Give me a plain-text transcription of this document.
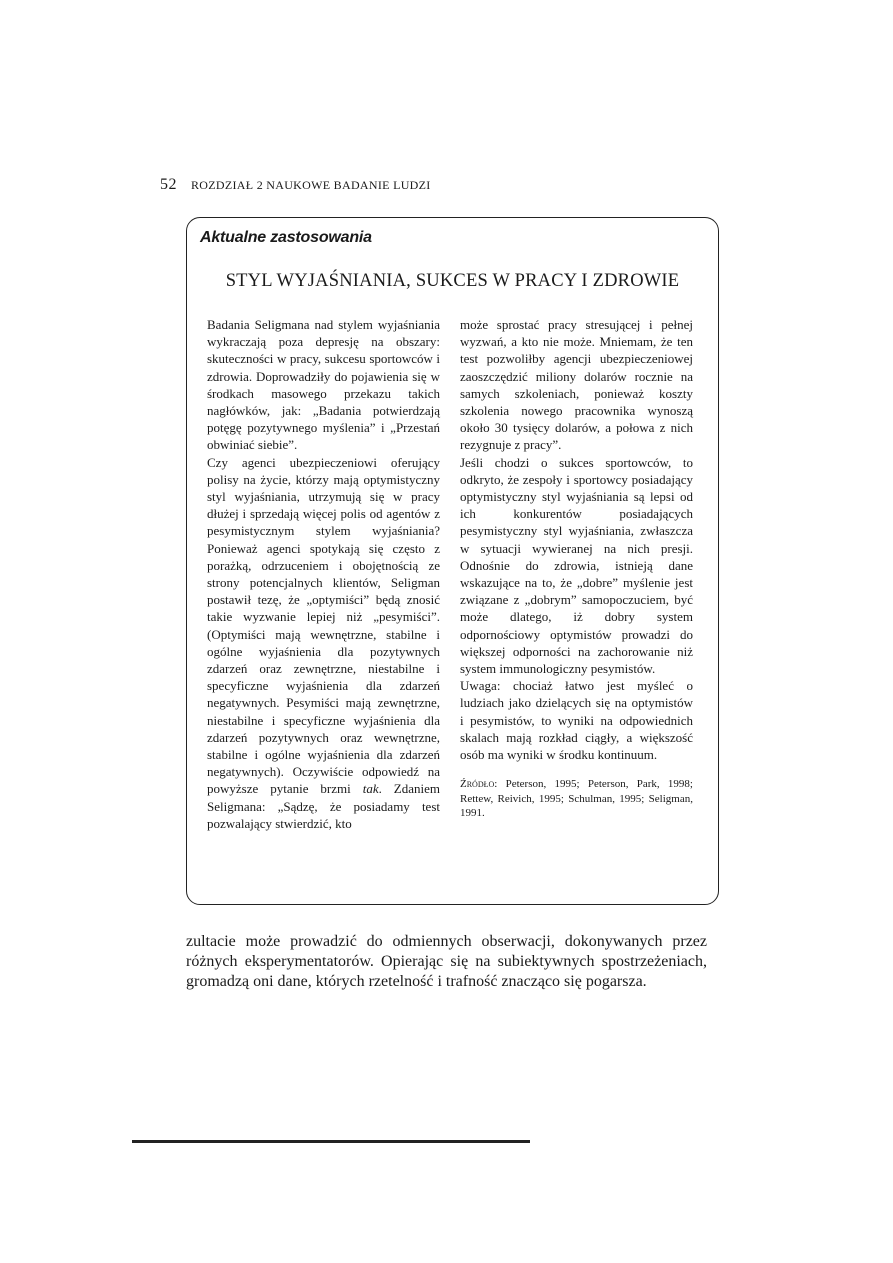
52 ROZDZIAŁ 2 NAUKOWE BADANIE LUDZI
Aktualne zastosowania
STYL WYJAŚNIANIA, SUKCES W PRACY I ZDROWIE

Badania Seligmana nad stylem wyjaśniania wykraczają poza depresję na obszary: skuteczności w pracy, sukcesu sportowców i zdrowia. Doprowadziły do pojawienia się w środkach masowego przekazu takich nagłówków, jak: „Badania potwierdzają potęgę pozytywnego myślenia” i „Przestań obwiniać siebie”.

Czy agenci ubezpieczeniowi oferujący polisy na życie, którzy mają optymistyczny styl wyjaśniania, utrzymują się w pracy dłużej i sprzedają więcej polis od agentów z pesymistycznym stylem wyjaśniania? Ponieważ agenci spotykają się często z porażką, odrzuceniem i obojętnością ze strony potencjalnych klientów, Seligman postawił tezę, że „optymiści” będą znosić takie wyzwanie lepiej niż „pesymiści”. (Optymiści mają wewnętrzne, stabilne i ogólne wyjaśnienia dla pozytywnych zdarzeń oraz zewnętrzne, niestabilne i specyficzne wyjaśnienia dla zdarzeń negatywnych. Pesymiści mają zewnętrzne, niestabilne i specyficzne wyjaśnienia dla zdarzeń pozytywnych oraz wewnętrzne, stabilne i ogólne wyjaśnienia dla zdarzeń negatywnych). Oczywiście odpowiedź na powyższe pytanie brzmi tak. Zdaniem Seligmana: „Sądzę, że posiadamy test pozwalający stwierdzić, kto

może sprostać pracy stresującej i pełnej wyzwań, a kto nie może. Mniemam, że ten test pozwoliłby agencji ubezpieczeniowej zaoszczędzić miliony dolarów rocznie na samych szkoleniach, ponieważ koszty szkolenia nowego pracownika wynoszą około 30 tysięcy dolarów, a połowa z nich rezygnuje z pracy”.

Jeśli chodzi o sukces sportowców, to odkryto, że zespoły i sportowcy posiadający optymistyczny styl wyjaśniania są lepsi od ich konkurentów posiadających pesymistyczny styl wyjaśniania, zwłaszcza w sytuacji wywieranej na nich presji. Odnośnie do zdrowia, istnieją dane wskazujące na to, że „dobre” myślenie jest związane z „dobrym” samopoczuciem, być może dlatego, iż dobry system odpornościowy optymistów prowadzi do większej odporności na zachorowanie niż system immunologiczny pesymistów.

Uwaga: chociaż łatwo jest myśleć o ludziach jako dzielących się na optymistów i pesymistów, to wyniki na odpowiednich skalach mają rozkład ciągły, a większość osób ma wyniki w środku kontinuum.

Źródło: Peterson, 1995; Peterson, Park, 1998; Rettew, Reivich, 1995; Schulman, 1995; Seligman, 1991.

zultacie może prowadzić do odmiennych obserwacji, dokonywanych przez różnych eksperymentatorów. Opierając się na subiektywnych spostrzeżeniach, gromadzą oni dane, których rzetelność i trafność znacząco się pogarsza.
